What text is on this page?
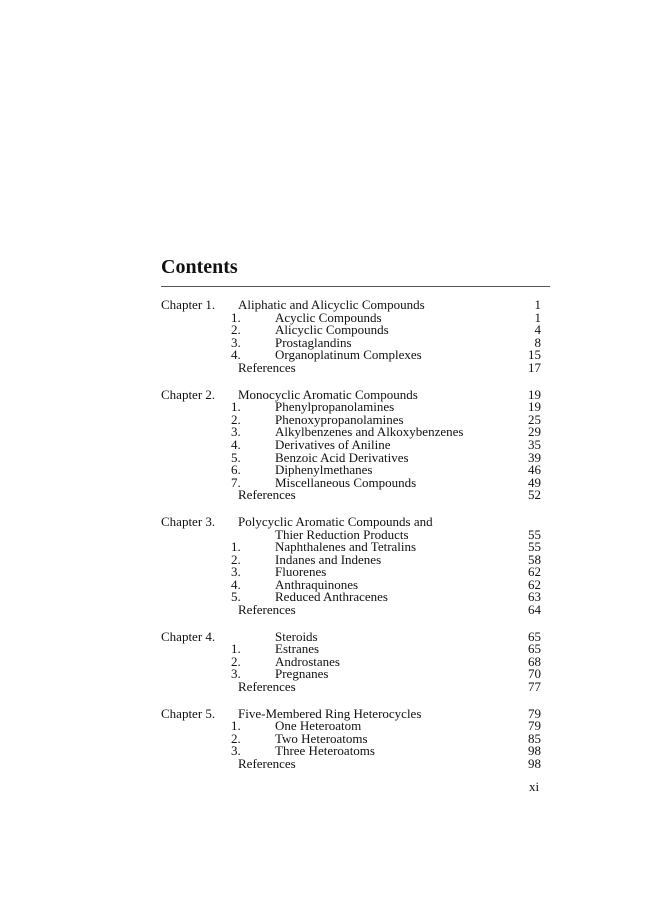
Contents
Chapter 1. Aliphatic and Alicyclic Compounds	1
1.	Acyclic Compounds	1
2.	Alicyclic Compounds	4
3.	Prostaglandins	8
4.	Organoplatinum Complexes	15
References	17
Chapter 2. Monocyclic Aromatic Compounds	19
1.	Phenylpropanolamines	19
2.	Phenoxypropanolamines	25
3.	Alkylbenzenes and Alkoxybenzenes	29
4.	Derivatives of Aniline	35
5.	Benzoic Acid Derivatives	39
6.	Diphenylmethanes	46
7.	Miscellaneous Compounds	49
References	52
Chapter 3. Polycyclic Aromatic Compounds and
Thier Reduction Products	55
1.	Naphthalenes and Tetralins	55
2.	Indanes and Indenes	58
3.	Fluorenes	62
4.	Anthraquinones	62
5.	Reduced Anthracenes	63
References	64
Chapter 4.	Steroids	65
1.	Estranes	65
2.	Androstanes	68
3.	Pregnanes	70
References	77
Chapter 5. Five-Membered Ring Heterocycles	79
1.	One Heteroatom	79
2.	Two Heteroatoms	85
3.	Three Heteroatoms	98
References	98
xi
